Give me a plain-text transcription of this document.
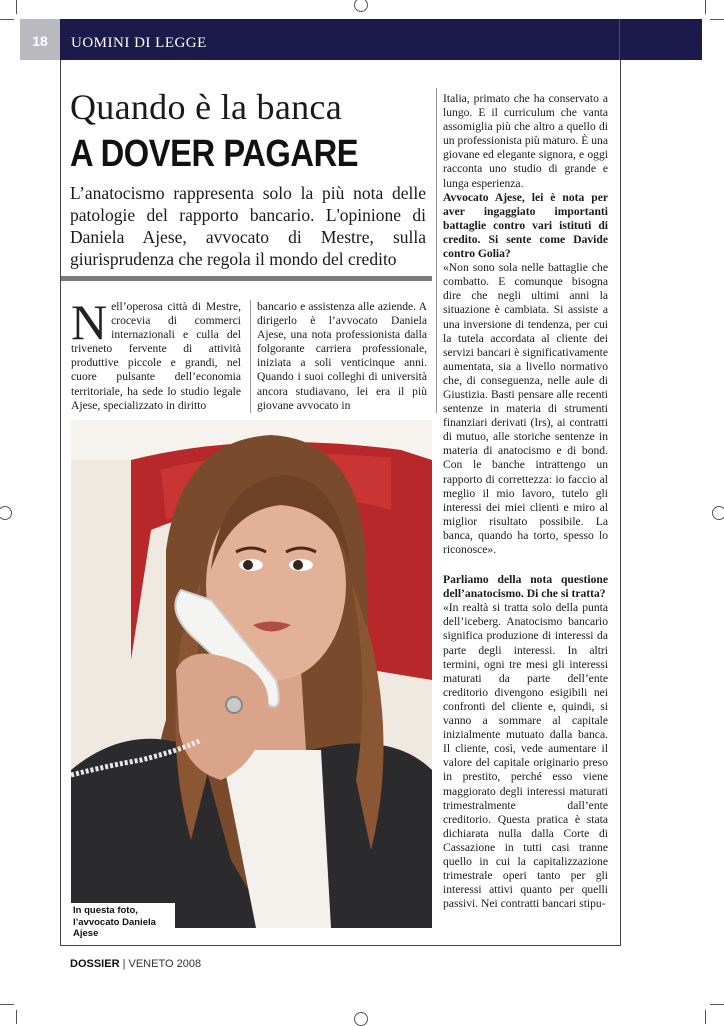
18	UOMINI DI LEGGE
Quando è la banca
A DOVER PAGARE
L’anatocismo rappresenta solo la più nota delle patologie del rapporto bancario. L'opinione di Daniela Ajese, avvocato di Mestre, sulla giurisprudenza che regola il mondo del credito
Nell’operosa città di Mestre, crocevia di commerci internazionali e culla del triveneto fervente di attività produttive piccole e grandi, nel cuore pulsante dell’economia territoriale, ha sede lo studio legale Ajese, specializzato in diritto
bancario e assistenza alle aziende. A dirigerlo è l’avvocato Daniela Ajese, una nota professionista dalla folgorante carriera professionale, iniziata a soli venticinque anni. Quando i suoi colleghi di università ancora studiavano, lei era il più giovane avvocato in

Italia, primato che ha conservato a lungo. E il curriculum che vanta assomiglia più che altro a quello di un professionista più maturo. È una giovane ed elegante signora, e oggi racconta uno studio di grande e lunga esperienza.

Avvocato Ajese, lei è nota per aver ingaggiato importanti battaglie contro vari istituti di credito. Si sente come Davide contro Golia?

«Non sono sola nelle battaglie che combatto. E comunque bisogna dire che negli ultimi anni la situazione è cambiata. Si assiste a una inversione di tendenza, per cui la tutela accordata al cliente dei servizi bancari è significativamente aumentata, sia a livello normativo che, di conseguenza, nelle aule di Giustizia. Basti pensare alle recenti sentenze in materia di strumenti finanziari derivati (Irs), ai contratti di mutuo, alle storiche sentenze in materia di anatocismo e di bond. Con le banche intrattengo un rapporto di correttezza: io faccio al meglio il mio lavoro, tutelo gli interessi dei miei clienti e miro al miglior risultato possibile. La banca, quando ha torto, spesso lo riconosce».

Parliamo della nota questione dell’anatocismo. Di che si tratta?

«In realtà si tratta solo della punta dell’iceberg. Anatocismo bancario significa produzione di interessi da parte degli interessi. In altri termini, ogni tre mesi gli interessi maturati da parte dell’ente creditorio divengono esigibili nei confronti del cliente e, quindi, si vanno a sommare al capitale inizialmente mutuato dalla banca. Il cliente, così, vede aumentare il valore del capitale originario preso in prestito, perché esso viene maggiorato degli interessi maturati trimestralmente dall’ente creditorio. Questa pratica è stata dichiarata nulla dalla Corte di Cassazione in tutti casi tranne quello in cui la capitalizzazione trimestrale operi tanto per gli interessi attivi quanto per quelli passivi. Nei contratti bancari stipu-

In questa foto,
l’avvocato Daniela Ajese
DOSSIER | VENETO 2008
